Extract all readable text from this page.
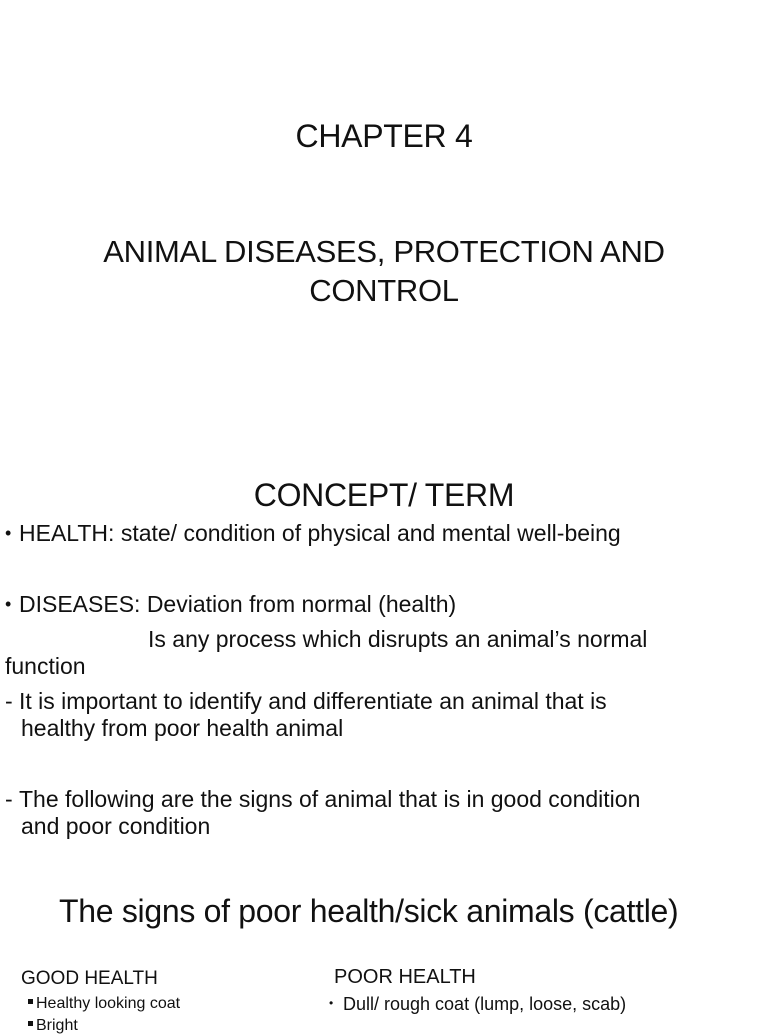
CHAPTER 4
ANIMAL DISEASES, PROTECTION AND
CONTROL
CONCEPT/ TERM
• HEALTH: state/ condition of physical and mental well-being
• DISEASES: Deviation from normal (health)
Is any process which disrupts an animal’s normal
function
- It is important to identify and differentiate an animal that is
healthy from poor health animal
- The following are the signs of animal that is in good condition
and poor condition
The signs of poor health/sick animals (cattle)
GOOD HEALTH	POOR HEALTH
Healthy looking coat
Bright
• Dull/ rough coat (lump, loose, scab)
